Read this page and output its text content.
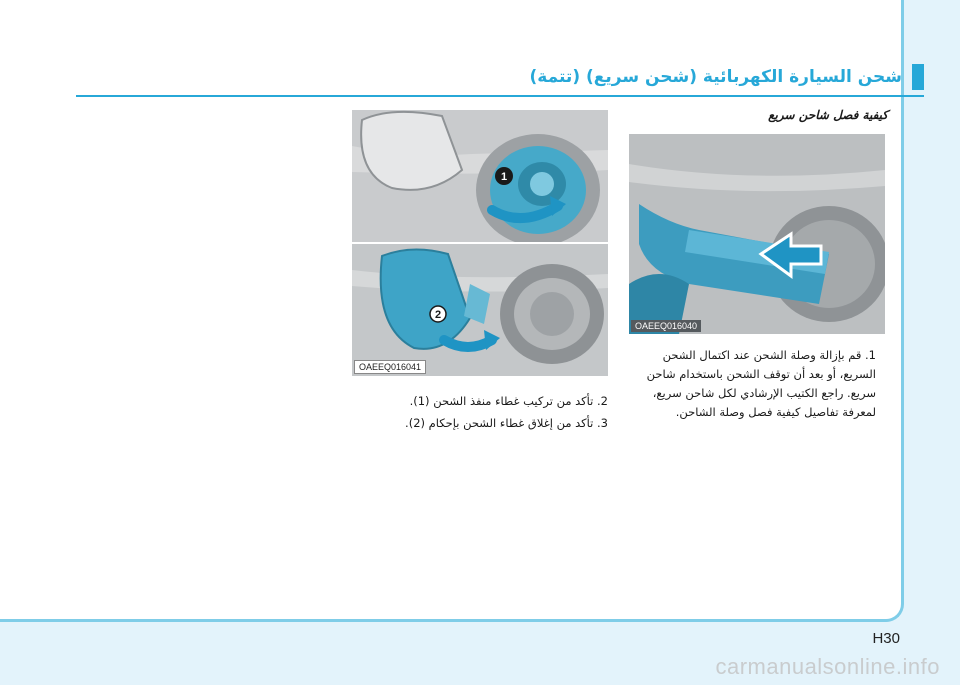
شحن السيارة الكهربائية (شحن سريع) (تتمة)
كيفية فصل شاحن سريع
1
2
OAEEQ016041
OAEEQ016040
1. قم بإزالة وصلة الشحن عند اكتمال الشحن السريع، أو بعد أن توقف الشحن باستخدام شاحن سريع. راجع الكتيب الإرشادي لكل شاحن سريع، لمعرفة تفاصيل كيفية فصل وصلة الشاحن.
2. تأكد من تركيب غطاء منفذ الشحن (1).
3. تأكد من إغلاق غطاء الشحن بإحكام (2).
H30
carmanualsonline.info
